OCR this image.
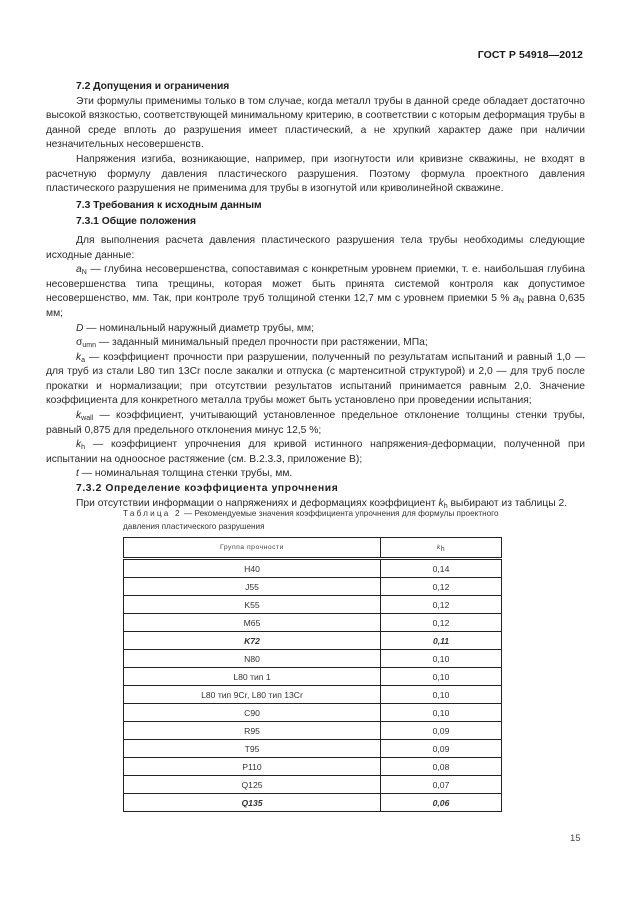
ГОСТ Р 54918—2012

7.2 Допущения и ограничения

Эти формулы применимы только в том случае, когда металл трубы в данной среде обладает достаточно высокой вязкостью, соответствующей минимальному критерию, в соответствии с которым деформация трубы в данной среде вплоть до разрушения имеет пластический, а не хрупкий характер даже при наличии незначительных несовершенств.

Напряжения изгиба, возникающие, например, при изогнутости или кривизне скважины, не входят в расчетную формулу давления пластического разрушения. Поэтому формула проектного давления пластического разрушения не применима для трубы в изогнутой или криволинейной скважине.

7.3 Требования к исходным данным

7.3.1 Общие положения

Для выполнения расчета давления пластического разрушения тела трубы необходимы следующие исходные данные:

$a_N$ — глубина несовершенства, сопоставимая с конкретным уровнем приемки, т. е. наибольшая глубина несовершенства типа трещины, которая может быть принята системой контроля как допустимое несовершенство, мм. Так, при контроле труб толщиной стенки 12,7 мм с уровнем приемки 5 % $a_N$ равна 0,635 мм;

D — номинальный наружный диаметр трубы, мм;

$\sigma_{umn}$ — заданный минимальный предел прочности при растяжении, МПа;

$k_a$ — коэффициент прочности при разрушении, полученный по результатам испытаний и равный 1,0 — для труб из стали L80 тип 13Cr после закалки и отпуска (с мартенситной структурой) и 2,0 — для труб после прокатки и нормализации; при отсутствии результатов испытаний принимается равным 2,0. Значение коэффициента для конкретного металла трубы может быть установлено при проведении испытания;

$k_{wall}$ — коэффициент, учитывающий установленное предельное отклонение толщины стенки трубы, равный 0,875 для предельного отклонения минус 12,5 %;

$k_h$ — коэффициент упрочнения для кривой истинного напряжения-деформации, полученной при испытании на одноосное растяжение (см. В.2.3.3, приложение В);

t — номинальная толщина стенки трубы, мм.

7.3.2 Определение коэффициента упрочнения

При отсутствии информации о напряжениях и деформациях коэффициент $k_h$ выбирают из таблицы 2.

Таблица 2 — Рекомендуемые значения коэффициента упрочнения для формулы проектного давления пластического разрушения
Группа прочности	$k_h$
H40	0,14
J55	0,12
K55	0,12
M65	0,12
K72	0,11
N80	0,10
L80 тип 1	0,10
L80 тип 9Cr, L80 тип 13Cr	0,10
C90	0,10
R95	0,09
T95	0,09
P110	0,08
Q125	0,07
Q135	0,06
15
